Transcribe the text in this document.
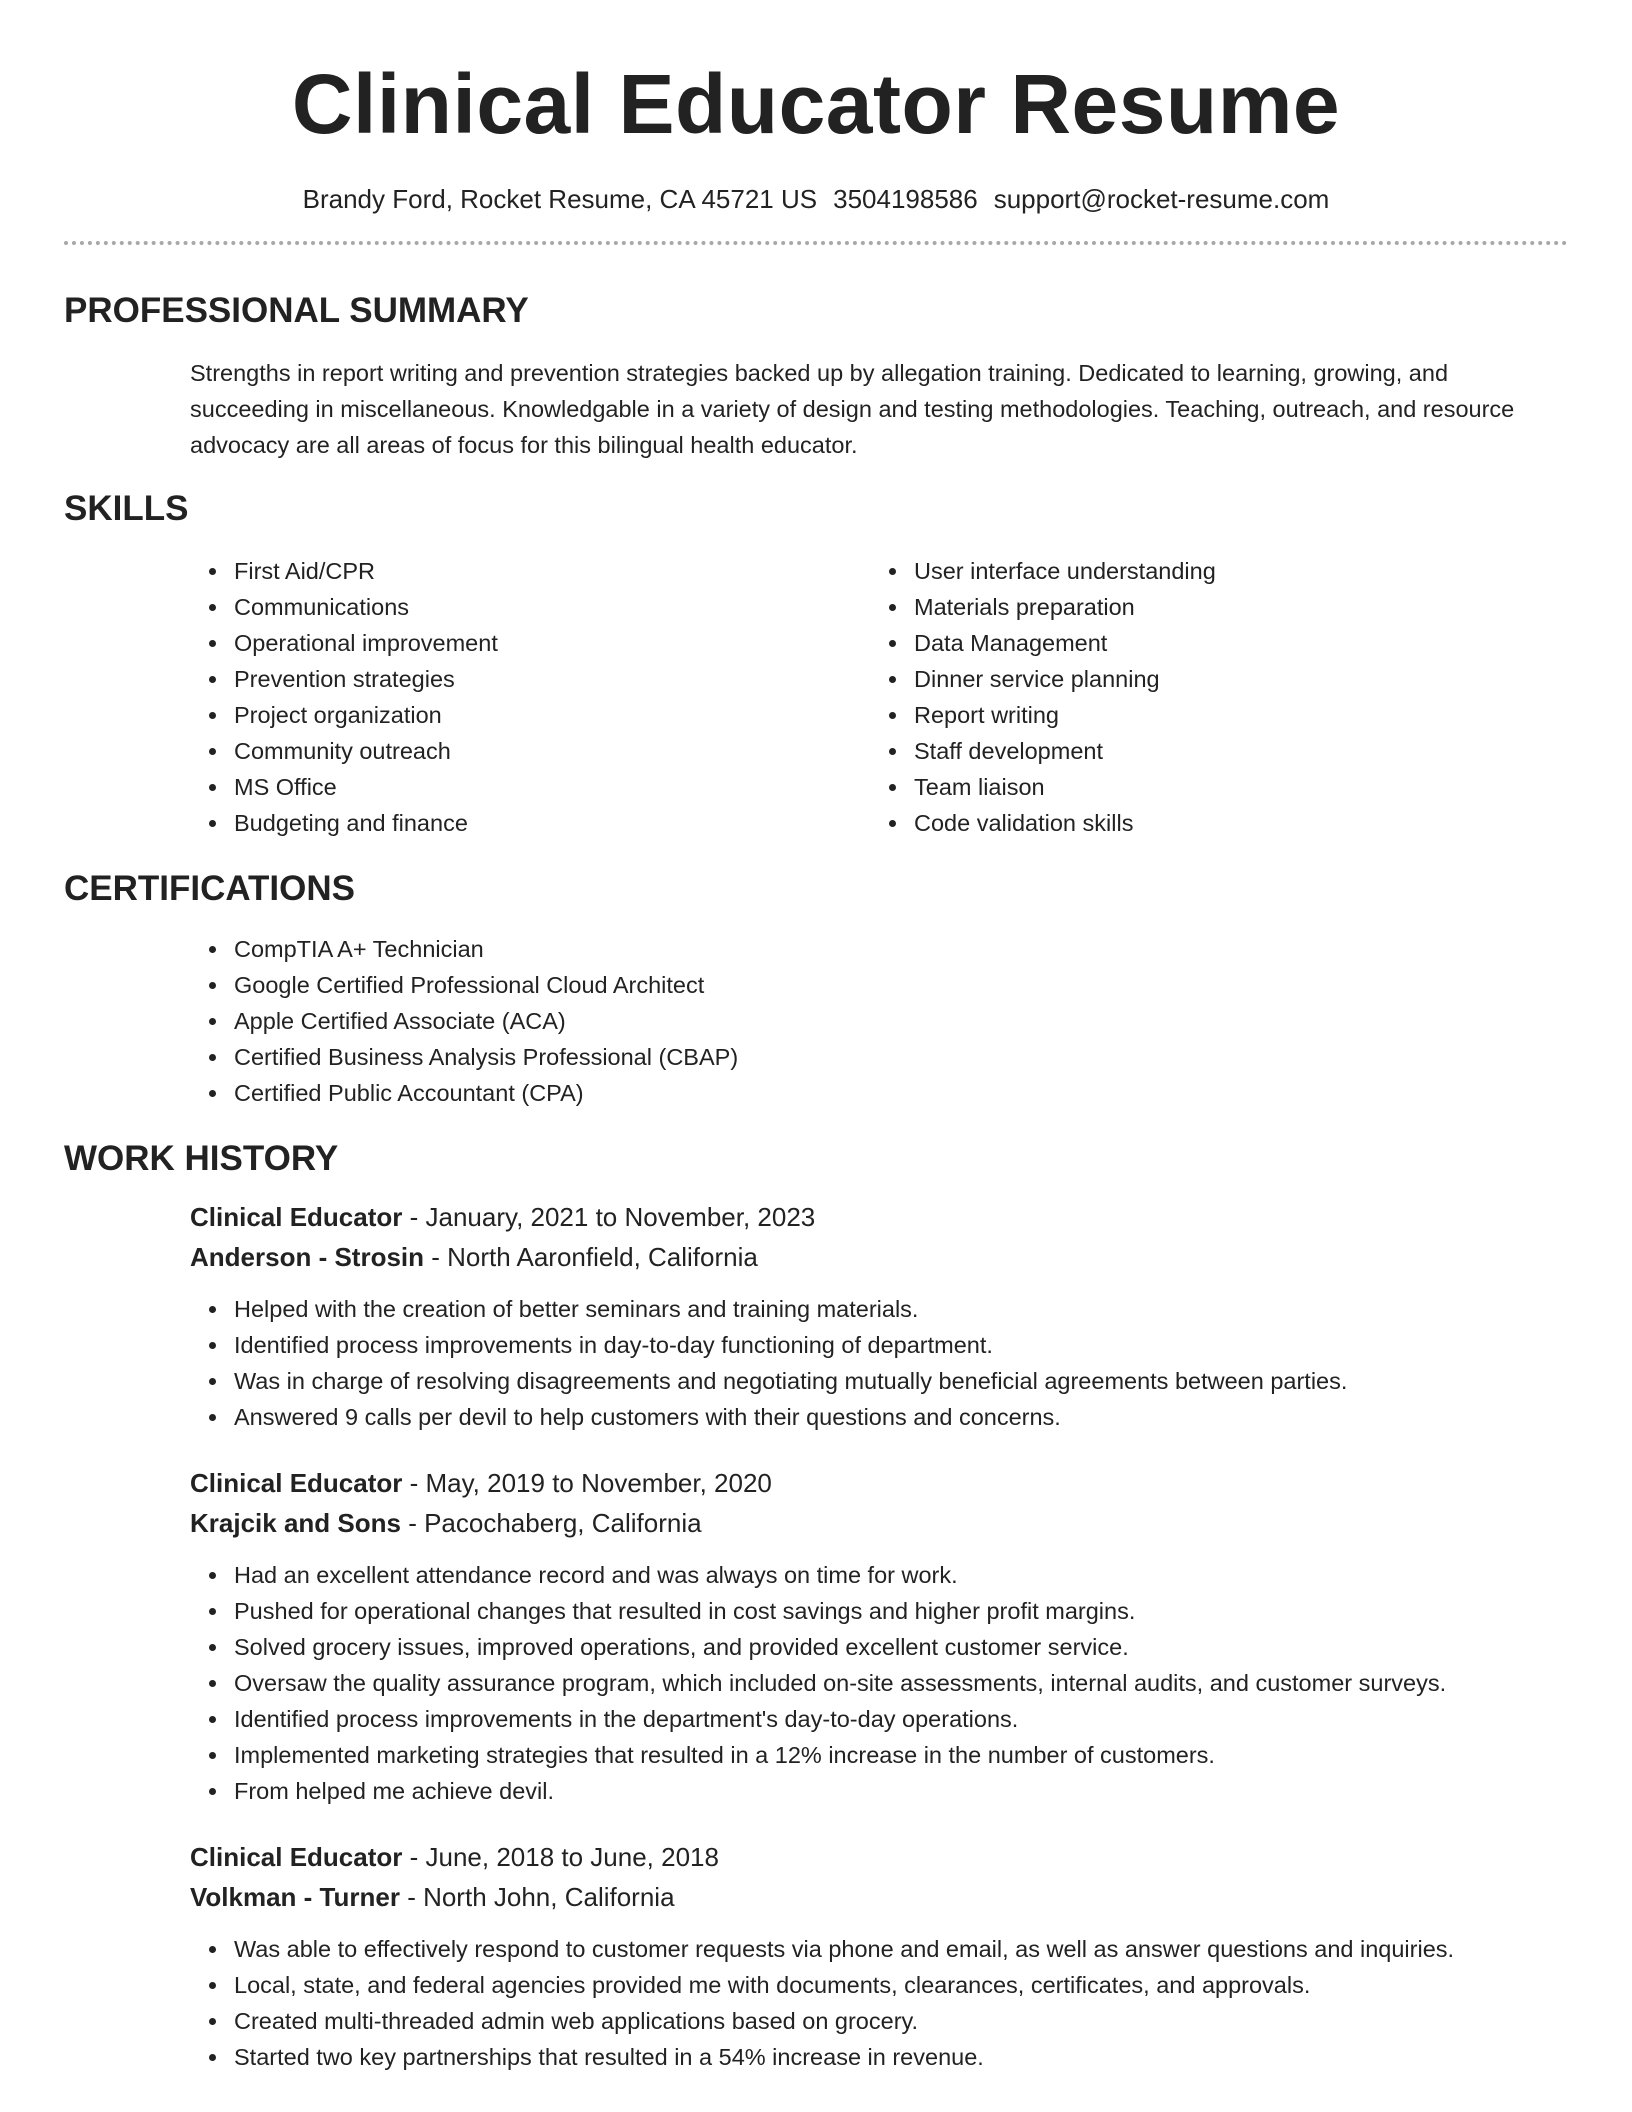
Clinical Educator Resume
Brandy Ford, Rocket Resume, CA 45721 US 3504198586 support@rocket-resume.com
PROFESSIONAL SUMMARY

Strengths in report writing and prevention strategies backed up by allegation training. Dedicated to learning, growing, and succeeding in miscellaneous. Knowledgable in a variety of design and testing methodologies. Teaching, outreach, and resource advocacy are all areas of focus for this bilingual health educator.

SKILLS
First Aid/CPR
Communications
Operational improvement
Prevention strategies
Project organization
Community outreach
MS Office
Budgeting and finance
User interface understanding
Materials preparation
Data Management
Dinner service planning
Report writing
Staff development
Team liaison
Code validation skills
CERTIFICATIONS
CompTIA A+ Technician
Google Certified Professional Cloud Architect
Apple Certified Associate (ACA)
Certified Business Analysis Professional (CBAP)
Certified Public Accountant (CPA)
WORK HISTORY
Clinical Educator - January, 2021 to November, 2023
Anderson - Strosin - North Aaronfield, California
Helped with the creation of better seminars and training materials.
Identified process improvements in day-to-day functioning of department.
Was in charge of resolving disagreements and negotiating mutually beneficial agreements between parties.
Answered 9 calls per devil to help customers with their questions and concerns.
Clinical Educator - May, 2019 to November, 2020
Krajcik and Sons - Pacochaberg, California
Had an excellent attendance record and was always on time for work.
Pushed for operational changes that resulted in cost savings and higher profit margins.
Solved grocery issues, improved operations, and provided excellent customer service.
Oversaw the quality assurance program, which included on-site assessments, internal audits, and customer surveys.
Identified process improvements in the department's day-to-day operations.
Implemented marketing strategies that resulted in a 12% increase in the number of customers.
From helped me achieve devil.
Clinical Educator - June, 2018 to June, 2018
Volkman - Turner - North John, California
Was able to effectively respond to customer requests via phone and email, as well as answer questions and inquiries.
Local, state, and federal agencies provided me with documents, clearances, certificates, and approvals.
Created multi-threaded admin web applications based on grocery.
Started two key partnerships that resulted in a 54% increase in revenue.
